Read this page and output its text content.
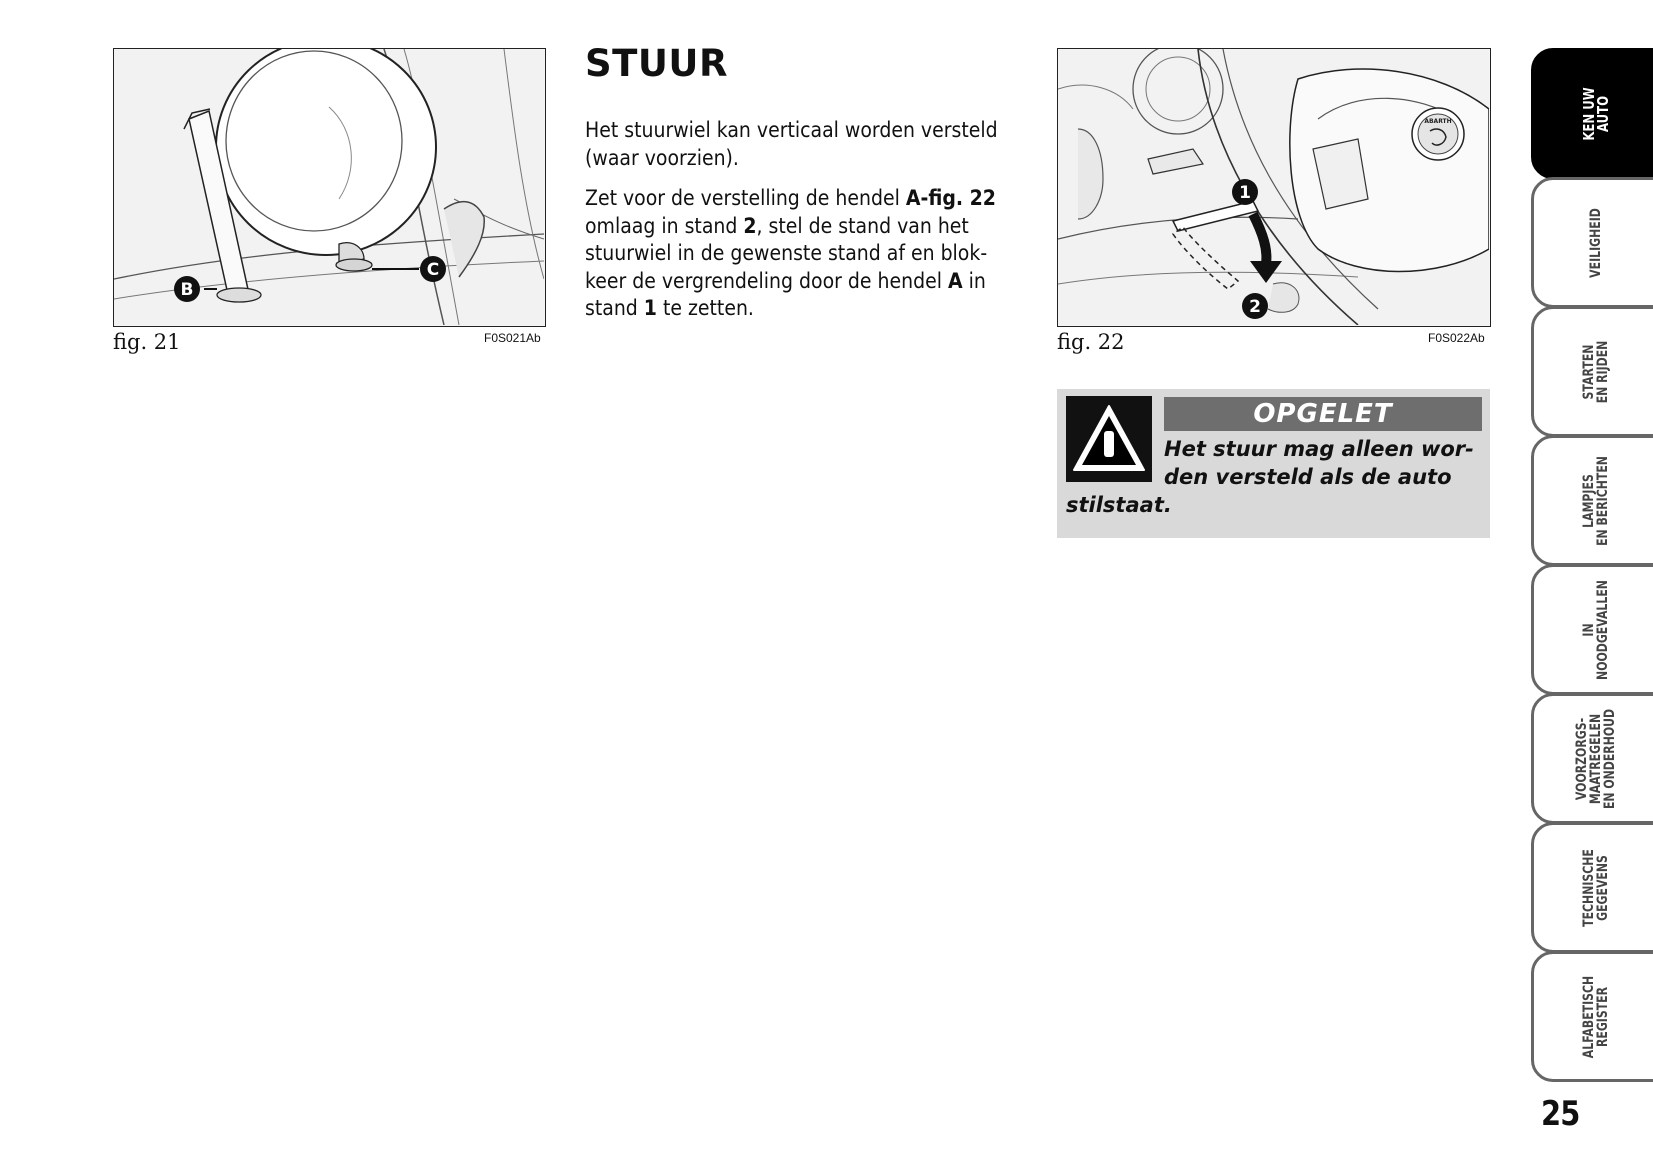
B
C
fig. 21	F0S021Ab
STUUR

Het stuurwiel kan verticaal worden versteld (waar voorzien).

Zet voor de verstelling de hendel A-fig. 22 omlaag in stand 2, stel de stand van het stuurwiel in de gewenste stand af en blokkeer de vergrendeling door de hendel A in stand 1 te zetten.

ABARTH
1
2
fig. 22	F0S022Ab
OPGELET

Het stuur mag alleen worden versteld als de auto stilstaat.

KEN UW
AUTO
VEILIGHEID
STARTEN
EN RIJDEN
LAMPJES
EN BERICHTEN
IN
NOODGEVALLEN
VOORZORGS-
MAATREGELEN
EN ONDERHOUD
TECHNISCHE
GEGEVENS
ALFABETISCH
REGISTER
25
